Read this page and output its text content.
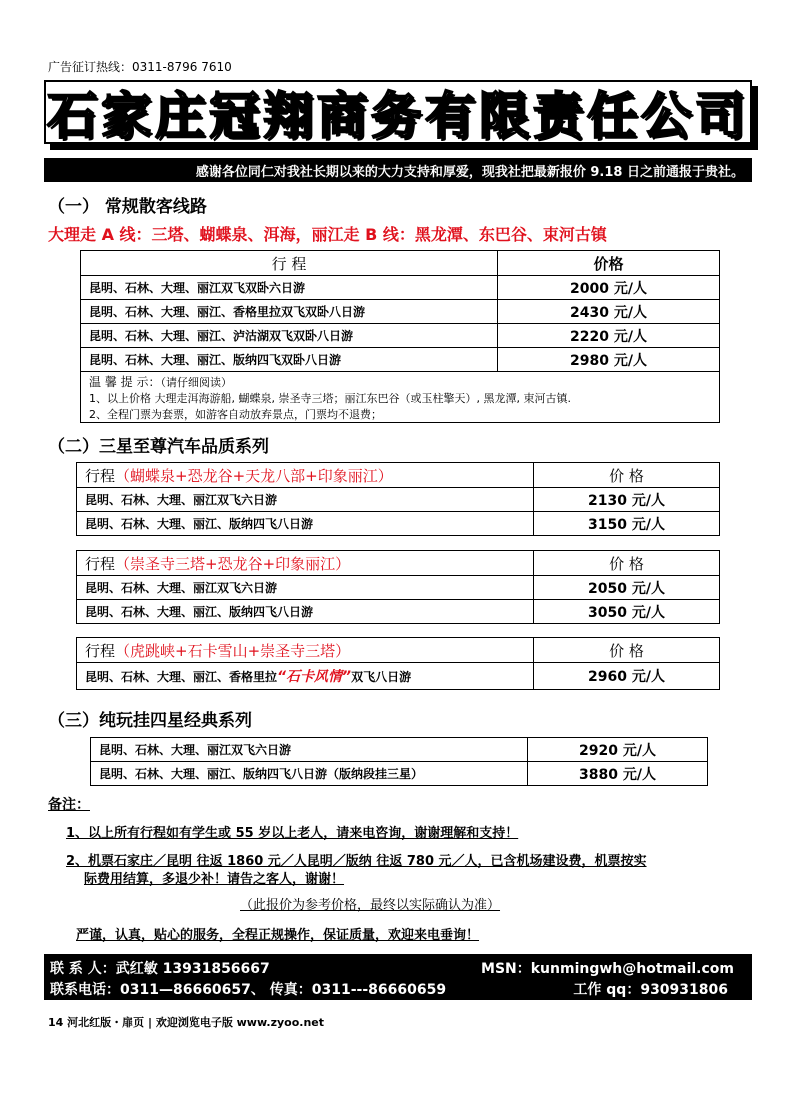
广告征订热线：0311-8796 7610
石家庄冠翔商务有限责任公司
感谢各位同仁对我社长期以来的大力支持和厚爱，现我社把最新报价 9.18 日之前通报于贵社。
（一） 常规散客线路
大理走 A 线：三塔、蝴蝶泉、洱海，丽江走 B 线：黑龙潭、东巴谷、束河古镇
行 程	价格
昆明、石林、大理、丽江双飞双卧六日游	2000 元/人
昆明、石林、大理、丽江、香格里拉双飞双卧八日游	2430 元/人
昆明、石林、大理、丽江、泸沽湖双飞双卧八日游	2220 元/人
昆明、石林、大理、丽江、版纳四飞双卧八日游	2980 元/人
温 馨 提 示：（请仔细阅读）
1、以上价格 大理走洱海游船, 蝴蝶泉, 崇圣寺三塔；丽江东巴谷（或玉柱擎天）, 黑龙潭, 束河古镇.
2、全程门票为套票，如游客自动放弃景点，门票均不退费；
（二）三星至尊汽车品质系列
行程（蝴蝶泉+恐龙谷+天龙八部+印象丽江）	价 格
昆明、石林、大理、丽江双飞六日游	2130 元/人
昆明、石林、大理、丽江、版纳四飞八日游	3150 元/人
行程（崇圣寺三塔+恐龙谷+印象丽江）	价 格
昆明、石林、大理、丽江双飞六日游	2050 元/人
昆明、石林、大理、丽江、版纳四飞八日游	3050 元/人
行程（虎跳峡+石卡雪山+崇圣寺三塔）	价 格
昆明、石林、大理、丽江、香格里拉“石卡风情”双飞八日游	2960 元/人
（三）纯玩挂四星经典系列
昆明、石林、大理、丽江双飞六日游	2920 元/人
昆明、石林、大理、丽江、版纳四飞八日游（版纳段挂三星）	3880 元/人
备注：
1、以上所有行程如有学生或 55 岁以上老人，请来电咨询，谢谢理解和支持！
2、机票石家庄／昆明 往返 1860 元／人昆明／版纳 往返 780 元／人，已含机场建设费，机票按实
际费用结算，多退少补！请告之客人，谢谢！
（此报价为参考价格，最终以实际确认为准）
严谨，认真，贴心的服务，全程正规操作，保证质量，欢迎来电垂询！
联 系 人：武红敏 13931856667	MSN：kunmingwh@hotmail.com
联系电话：0311—86660657、 传真：0311---86660659	工作 qq：930931806
14 河北红版・扉页 | 欢迎浏览电子版 www.zyoo.net
